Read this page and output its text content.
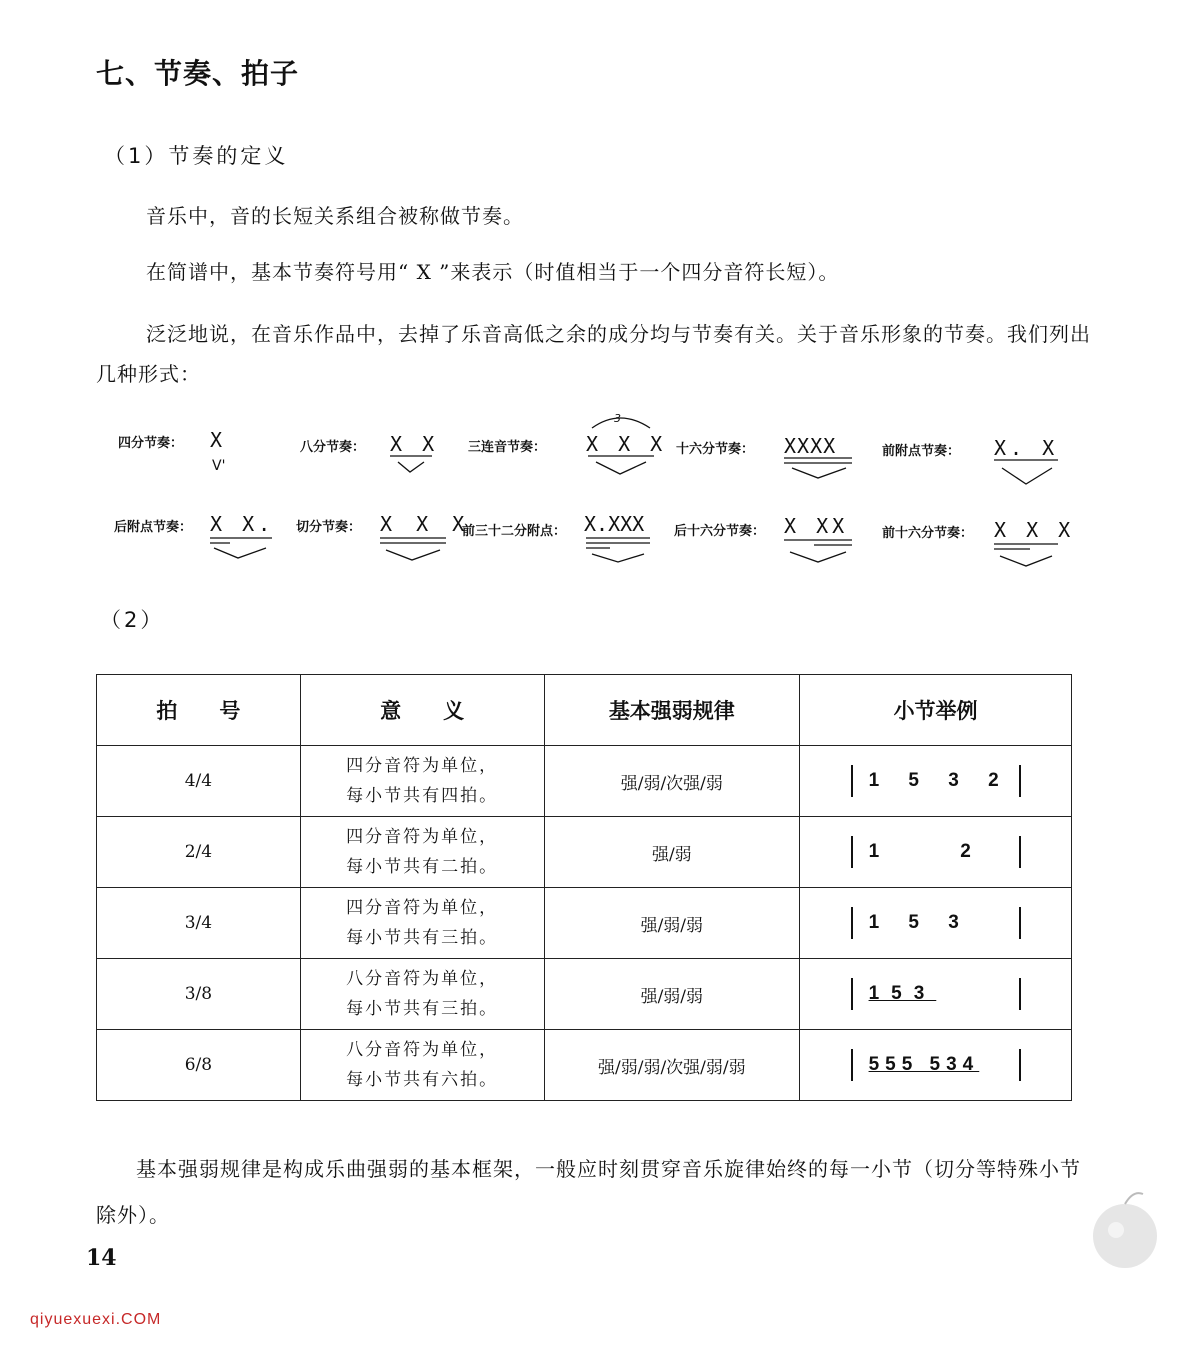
七、节奏、拍子
（1）节奏的定义
音乐中，音的长短关系组合被称做节奏。
在简谱中，基本节奏符号用“ X ”来表示（时值相当于一个四分音符长短）。
泛泛地说，在音乐作品中，去掉了乐音高低之余的成分均与节奏有关。关于音乐形象的节奏。我们列出几种形式：
四分节奏： X
V'
八分节奏： X X 三连音节奏：
3
X X X 十六分节奏： XXXX	前附点节奏： X. X
后附点节奏： X X. 切分节奏： X X X
前三十二分附点： X.XXX 后十六分节奏： X XX	前十六分节奏： X X X
（2）
拍　　号	意　　义	基本强弱规律	小节举例
4/4	四分音符为单位，
每小节共有四拍。	强/弱/次强/弱	1 5 3 2
2/4	四分音符为单位，
每小节共有二拍。	强/弱	1    2
3/4	四分音符为单位，
每小节共有三拍。	强/弱/弱	1 5 3
3/8	八分音符为单位，
每小节共有三拍。	强/弱/弱	153
6/8	八分音符为单位，
每小节共有六拍。	强/弱/弱/次强/弱/弱	555 534
基本强弱规律是构成乐曲强弱的基本框架，一般应时刻贯穿音乐旋律始终的每一小节（切分等特殊小节除外）。
14
qiyuexuexi.COM
